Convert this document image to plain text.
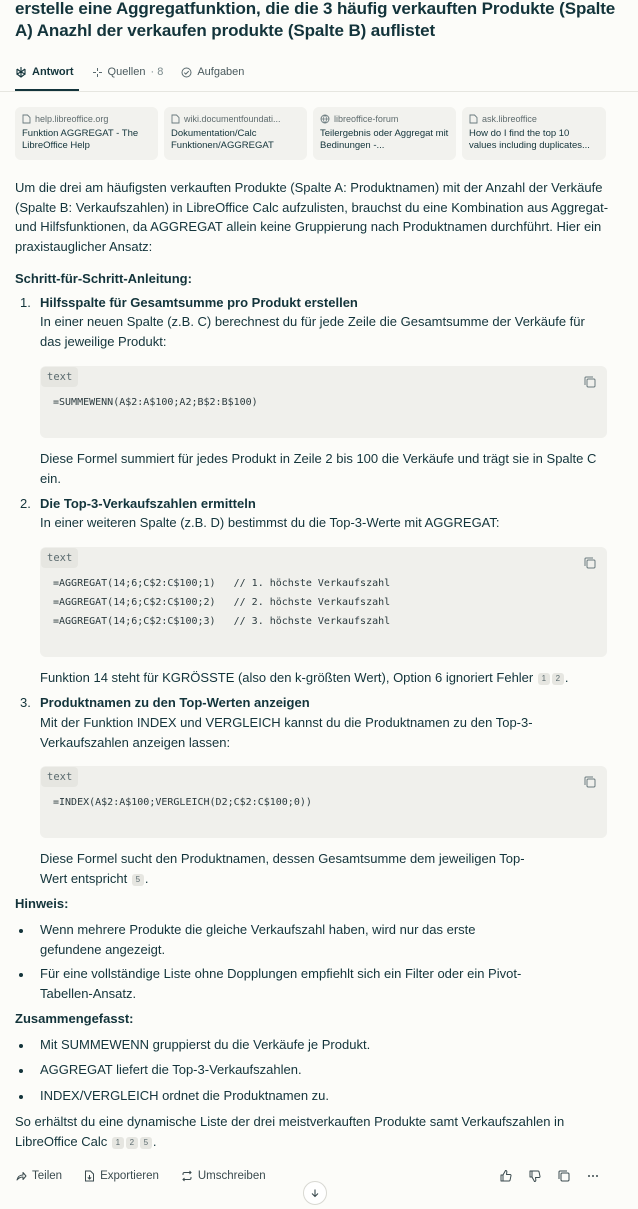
erstelle eine Aggregatfunktion, die die 3 häufig verkauften Produkte (Spalte A) Anazhl der verkaufen produkte (Spalte B) auflistet
Antwort	Quellen · 8	Aufgaben
help.libreoffice.org
Funktion AGGREGAT - The LibreOffice Help
wiki.documentfoundati...
Dokumentation/Calc Funktionen/AGGREGAT
libreoffice-forum
Teilergebnis oder Aggregat mit Bedinungen -...
ask.libreoffice
How do I find the top 10 values including duplicates...
Um die drei am häufigsten verkauften Produkte (Spalte A: Produktnamen) mit der Anzahl der Verkäufe (Spalte B: Verkaufszahlen) in LibreOffice Calc aufzulisten, brauchst du eine Kombination aus Aggregat- und Hilfsfunktionen, da AGGREGAT allein keine Gruppierung nach Produktnamen durchführt. Hier ein praxistauglicher Ansatz:
Schritt-für-Schritt-Anleitung:
1. Hilfsspalte für Gesamtsumme pro Produkt erstellen
In einer neuen Spalte (z.B. C) berechnest du für jede Zeile die Gesamtsumme der Verkäufe für das jeweilige Produkt:
text
=SUMMEWENN(A$2:A$100;A2;B$2:B$100)
Diese Formel summiert für jedes Produkt in Zeile 2 bis 100 die Verkäufe und trägt sie in Spalte C ein.
2. Die Top-3-Verkaufszahlen ermitteln
In einer weiteren Spalte (z.B. D) bestimmst du die Top-3-Werte mit AGGREGAT:
text
=AGGREGAT(14;6;C$2:C$100;1)   // 1. höchste Verkaufszahl
=AGGREGAT(14;6;C$2:C$100;2)   // 2. höchste Verkaufszahl
=AGGREGAT(14;6;C$2:C$100;3)   // 3. höchste Verkaufszahl
Funktion 14 steht für KGRÖSSTE (also den k-größten Wert), Option 6 ignoriert Fehler 1 2 .
3. Produktnamen zu den Top-Werten anzeigen
Mit der Funktion INDEX und VERGLEICH kannst du die Produktnamen zu den Top-3-Verkaufszahlen anzeigen lassen:
text
=INDEX(A$2:A$100;VERGLEICH(D2;C$2:C$100;0))
Diese Formel sucht den Produktnamen, dessen Gesamtsumme dem jeweiligen Top-Wert entspricht 5 .
Hinweis:
Wenn mehrere Produkte die gleiche Verkaufszahl haben, wird nur das erste gefundene angezeigt.
Für eine vollständige Liste ohne Dopplungen empfiehlt sich ein Filter oder ein Pivot-Tabellen-Ansatz.
Zusammengefasst:
Mit SUMMEWENN gruppierst du die Verkäufe je Produkt.
AGGREGAT liefert die Top-3-Verkaufszahlen.
INDEX/VERGLEICH ordnet die Produktnamen zu.
So erhältst du eine dynamische Liste der drei meistverkauften Produkte samt Verkaufszahlen in LibreOffice Calc 1 2 5 .
Teilen	Exportieren	Umschreiben
